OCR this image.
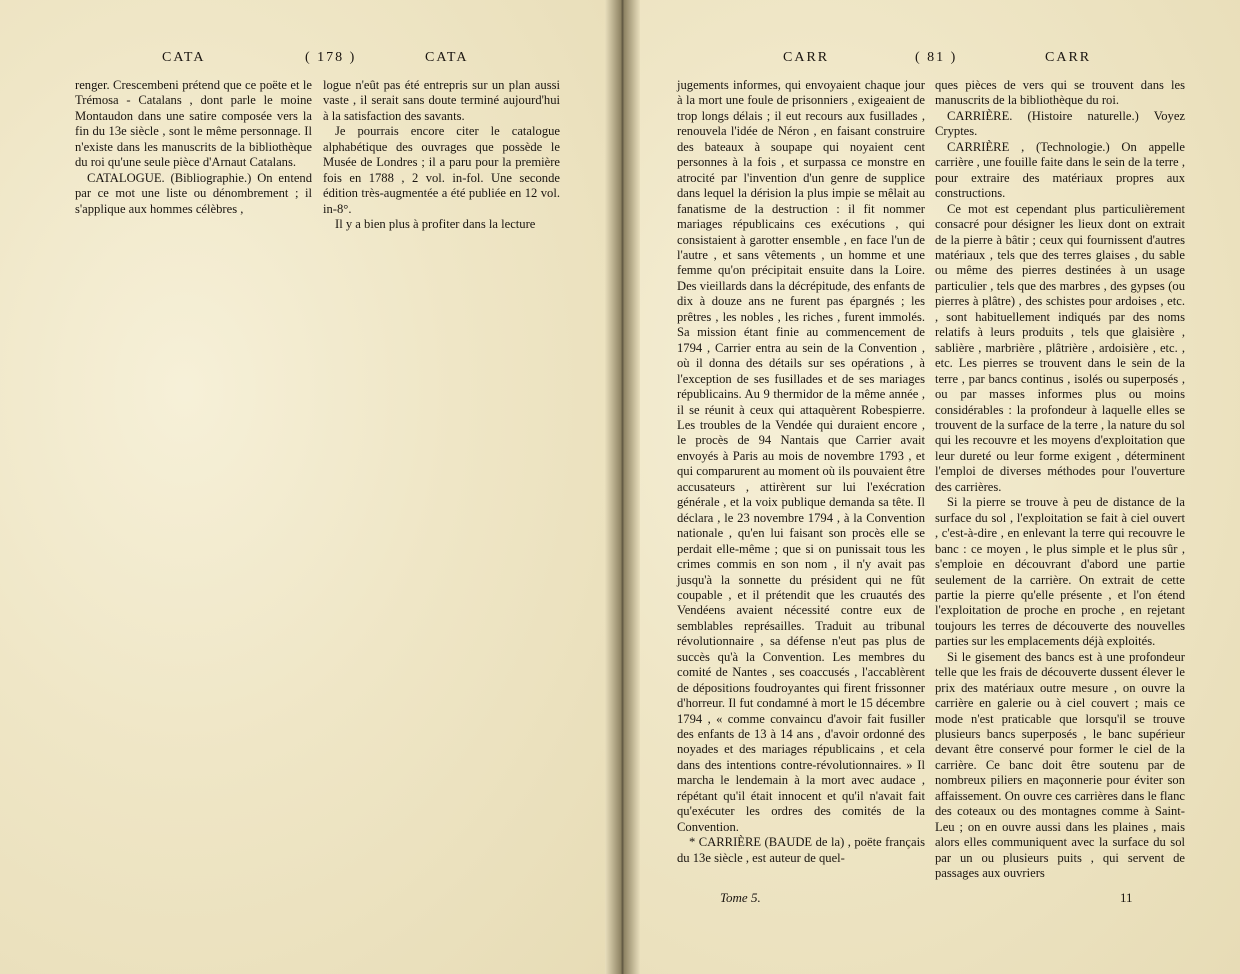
CATA	( 178 )	CATA

renger. Crescembeni prétend que ce poëte et le Trémosa - Catalans , dont parle le moine Montaudon dans une satire composée vers la fin du 13e siècle , sont le même personnage. Il n'existe dans les manuscrits de la bibliothèque du roi qu'une seule pièce d'Arnaut Catalans.

CATALOGUE. (Bibliographie.) On entend par ce mot une liste ou dénombrement ; il s'applique aux hommes célèbres ,

logue n'eût pas été entrepris sur un plan aussi vaste , il serait sans doute terminé aujourd'hui à la satisfaction des savants.

Je pourrais encore citer le catalogue alphabétique des ouvrages que possède le Musée de Londres ; il a paru pour la première fois en 1788 , 2 vol. in-fol. Une seconde édition très-augmentée a été publiée en 12 vol. in-8°.

Il y a bien plus à profiter dans la lecture

CARR	( 81 )	CARR

jugements informes, qui envoyaient chaque jour à la mort une foule de prisonniers , exigeaient de trop longs délais ; il eut recours aux fusillades , renouvela l'idée de Néron , en faisant construire des bateaux à soupape qui noyaient cent personnes à la fois , et surpassa ce monstre en atrocité par l'invention d'un genre de supplice dans lequel la dérision la plus impie se mêlait au fanatisme de la destruction : il fit nommer mariages républicains ces exécutions , qui consistaient à garotter ensemble , en face l'un de l'autre , et sans vêtements , un homme et une femme qu'on précipitait ensuite dans la Loire. Des vieillards dans la décrépitude, des enfants de dix à douze ans ne furent pas épargnés ; les prêtres , les nobles , les riches , furent immolés. Sa mission étant finie au commencement de 1794 , Carrier entra au sein de la Convention , où il donna des détails sur ses opérations , à l'exception de ses fusillades et de ses mariages républicains. Au 9 thermidor de la même année , il se réunit à ceux qui attaquèrent Robespierre. Les troubles de la Vendée qui duraient encore , le procès de 94 Nantais que Carrier avait envoyés à Paris au mois de novembre 1793 , et qui comparurent au moment où ils pouvaient être accusateurs , attirèrent sur lui l'exécration générale , et la voix publique demanda sa tête. Il déclara , le 23 novembre 1794 , à la Convention nationale , qu'en lui faisant son procès elle se perdait elle-même ; que si on punissait tous les crimes commis en son nom , il n'y avait pas jusqu'à la sonnette du président qui ne fût coupable , et il prétendit que les cruautés des Vendéens avaient nécessité contre eux de semblables représailles. Traduit au tribunal révolutionnaire , sa défense n'eut pas plus de succès qu'à la Convention. Les membres du comité de Nantes , ses coaccusés , l'accablèrent de dépositions foudroyantes qui firent frissonner d'horreur. Il fut condamné à mort le 15 décembre 1794 , « comme convaincu d'avoir fait fusiller des enfants de 13 à 14 ans , d'avoir ordonné des noyades et des mariages républicains , et cela dans des intentions contre-révolutionnaires. » Il marcha le lendemain à la mort avec audace , répétant qu'il était innocent et qu'il n'avait fait qu'exécuter les ordres des comités de la Convention.

* CARRIÈRE (BAUDE de la) , poëte français du 13e siècle , est auteur de quel-

ques pièces de vers qui se trouvent dans les manuscrits de la bibliothèque du roi.

CARRIÈRE. (Histoire naturelle.) Voyez Cryptes.

CARRIÈRE , (Technologie.) On appelle carrière , une fouille faite dans le sein de la terre , pour extraire des matériaux propres aux constructions.

Ce mot est cependant plus particulièrement consacré pour désigner les lieux dont on extrait de la pierre à bâtir ; ceux qui fournissent d'autres matériaux , tels que des terres glaises , du sable ou même des pierres destinées à un usage particulier , tels que des marbres , des gypses (ou pierres à plâtre) , des schistes pour ardoises , etc. , sont habituellement indiqués par des noms relatifs à leurs produits , tels que glaisière , sablière , marbrière , plâtrière , ardoisière , etc. , etc. Les pierres se trouvent dans le sein de la terre , par bancs continus , isolés ou superposés , ou par masses informes plus ou moins considérables : la profondeur à laquelle elles se trouvent de la surface de la terre , la nature du sol qui les recouvre et les moyens d'exploitation que leur dureté ou leur forme exigent , déterminent l'emploi de diverses méthodes pour l'ouverture des carrières.

Si la pierre se trouve à peu de distance de la surface du sol , l'exploitation se fait à ciel ouvert , c'est-à-dire , en enlevant la terre qui recouvre le banc : ce moyen , le plus simple et le plus sûr , s'emploie en découvrant d'abord une partie seulement de la carrière. On extrait de cette partie la pierre qu'elle présente , et l'on étend l'exploitation de proche en proche , en rejetant toujours les terres de découverte des nouvelles parties sur les emplacements déjà exploités.

Si le gisement des bancs est à une profondeur telle que les frais de découverte dussent élever le prix des matériaux outre mesure , on ouvre la carrière en galerie ou à ciel couvert ; mais ce mode n'est praticable que lorsqu'il se trouve plusieurs bancs superposés , le banc supérieur devant être conservé pour former le ciel de la carrière. Ce banc doit être soutenu par de nombreux piliers en maçonnerie pour éviter son affaissement. On ouvre ces carrières dans le flanc des coteaux ou des montagnes comme à Saint-Leu ; on en ouvre aussi dans les plaines , mais alors elles communiquent avec la surface du sol par un ou plusieurs puits , qui servent de passages aux ouvriers

Tome 5.	11
